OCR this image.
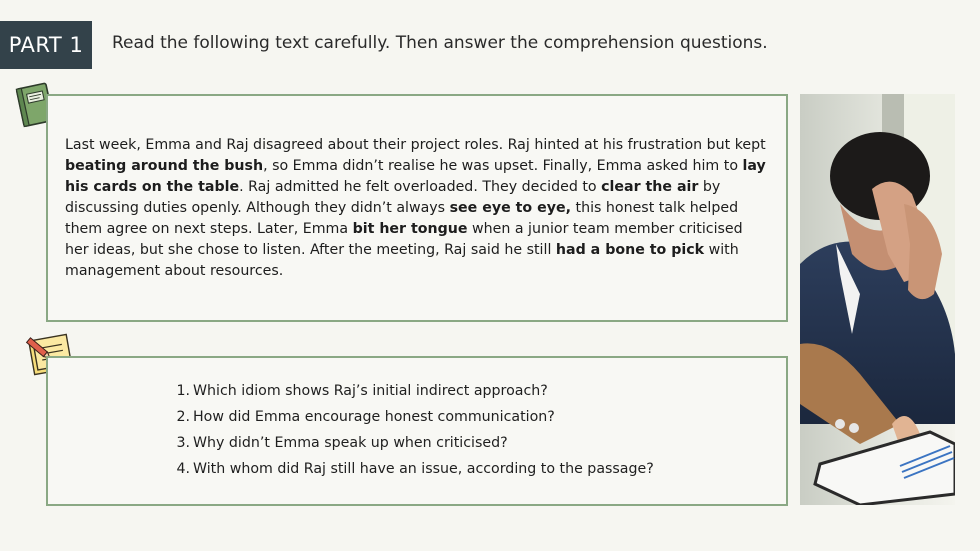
PART 1 Read the following text carefully. Then answer the comprehension questions.
Last week, Emma and Raj disagreed about their project roles. Raj hinted at his frustration but kept beating around the bush, so Emma didn’t realise he was upset. Finally, Emma asked him to lay his cards on the table. Raj admitted he felt overloaded. They decided to clear the air by discussing duties openly. Although they didn’t always see eye to eye, this honest talk helped them agree on next steps. Later, Emma bit her tongue when a junior team member criticised her ideas, but she chose to listen. After the meeting, Raj said he still had a bone to pick with management about resources.
1. Which idiom shows Raj’s initial indirect approach?
2. How did Emma encourage honest communication?
3. Why didn’t Emma speak up when criticised?
4. With whom did Raj still have an issue, according to the passage?
